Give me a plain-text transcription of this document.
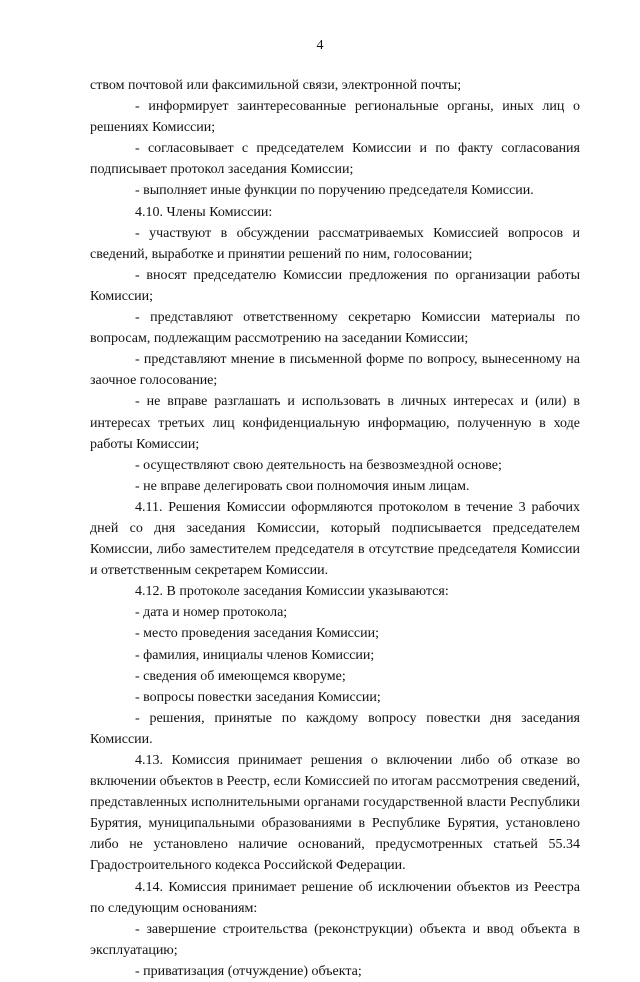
4

ством почтовой или факсимильной связи, электронной почты;

- информирует заинтересованные региональные органы, иных лиц о решениях Комиссии;

- согласовывает с председателем Комиссии и по факту согласования подписывает протокол заседания Комиссии;

- выполняет иные функции по поручению председателя Комиссии.

4.10. Члены Комиссии:

- участвуют в обсуждении рассматриваемых Комиссией вопросов и сведений, выработке и принятии решений по ним, голосовании;

- вносят председателю Комиссии предложения по организации работы Комиссии;

- представляют ответственному секретарю Комиссии материалы по вопросам, подлежащим рассмотрению на заседании Комиссии;

- представляют мнение в письменной форме по вопросу, вынесенному на заочное голосование;

- не вправе разглашать и использовать в личных интересах и (или) в интересах третьих лиц конфиденциальную информацию, полученную в ходе работы Комиссии;

- осуществляют свою деятельность на безвозмездной основе;

- не вправе делегировать свои полномочия иным лицам.

4.11. Решения Комиссии оформляются протоколом в течение 3 рабочих дней со дня заседания Комиссии, который подписывается председателем Комиссии, либо заместителем председателя в отсутствие председателя Комиссии и ответственным секретарем Комиссии.

4.12. В протоколе заседания Комиссии указываются:

- дата и номер протокола;

- место проведения заседания Комиссии;

- фамилия, инициалы членов Комиссии;

- сведения об имеющемся кворуме;

- вопросы повестки заседания Комиссии;

- решения, принятые по каждому вопросу повестки дня заседания Комиссии.

4.13. Комиссия принимает решения о включении либо об отказе во включении объектов в Реестр, если Комиссией по итогам рассмотрения сведений, представленных исполнительными органами государственной власти Республики Бурятия, муниципальными образованиями в Республике Бурятия, установлено либо не установлено наличие оснований, предусмотренных статьей 55.34 Градостроительного кодекса Российской Федерации.

4.14. Комиссия принимает решение об исключении объектов из Реестра по следующим основаниям:

- завершение строительства (реконструкции) объекта и ввод объекта в эксплуатацию;

- приватизация (отчуждение) объекта;
